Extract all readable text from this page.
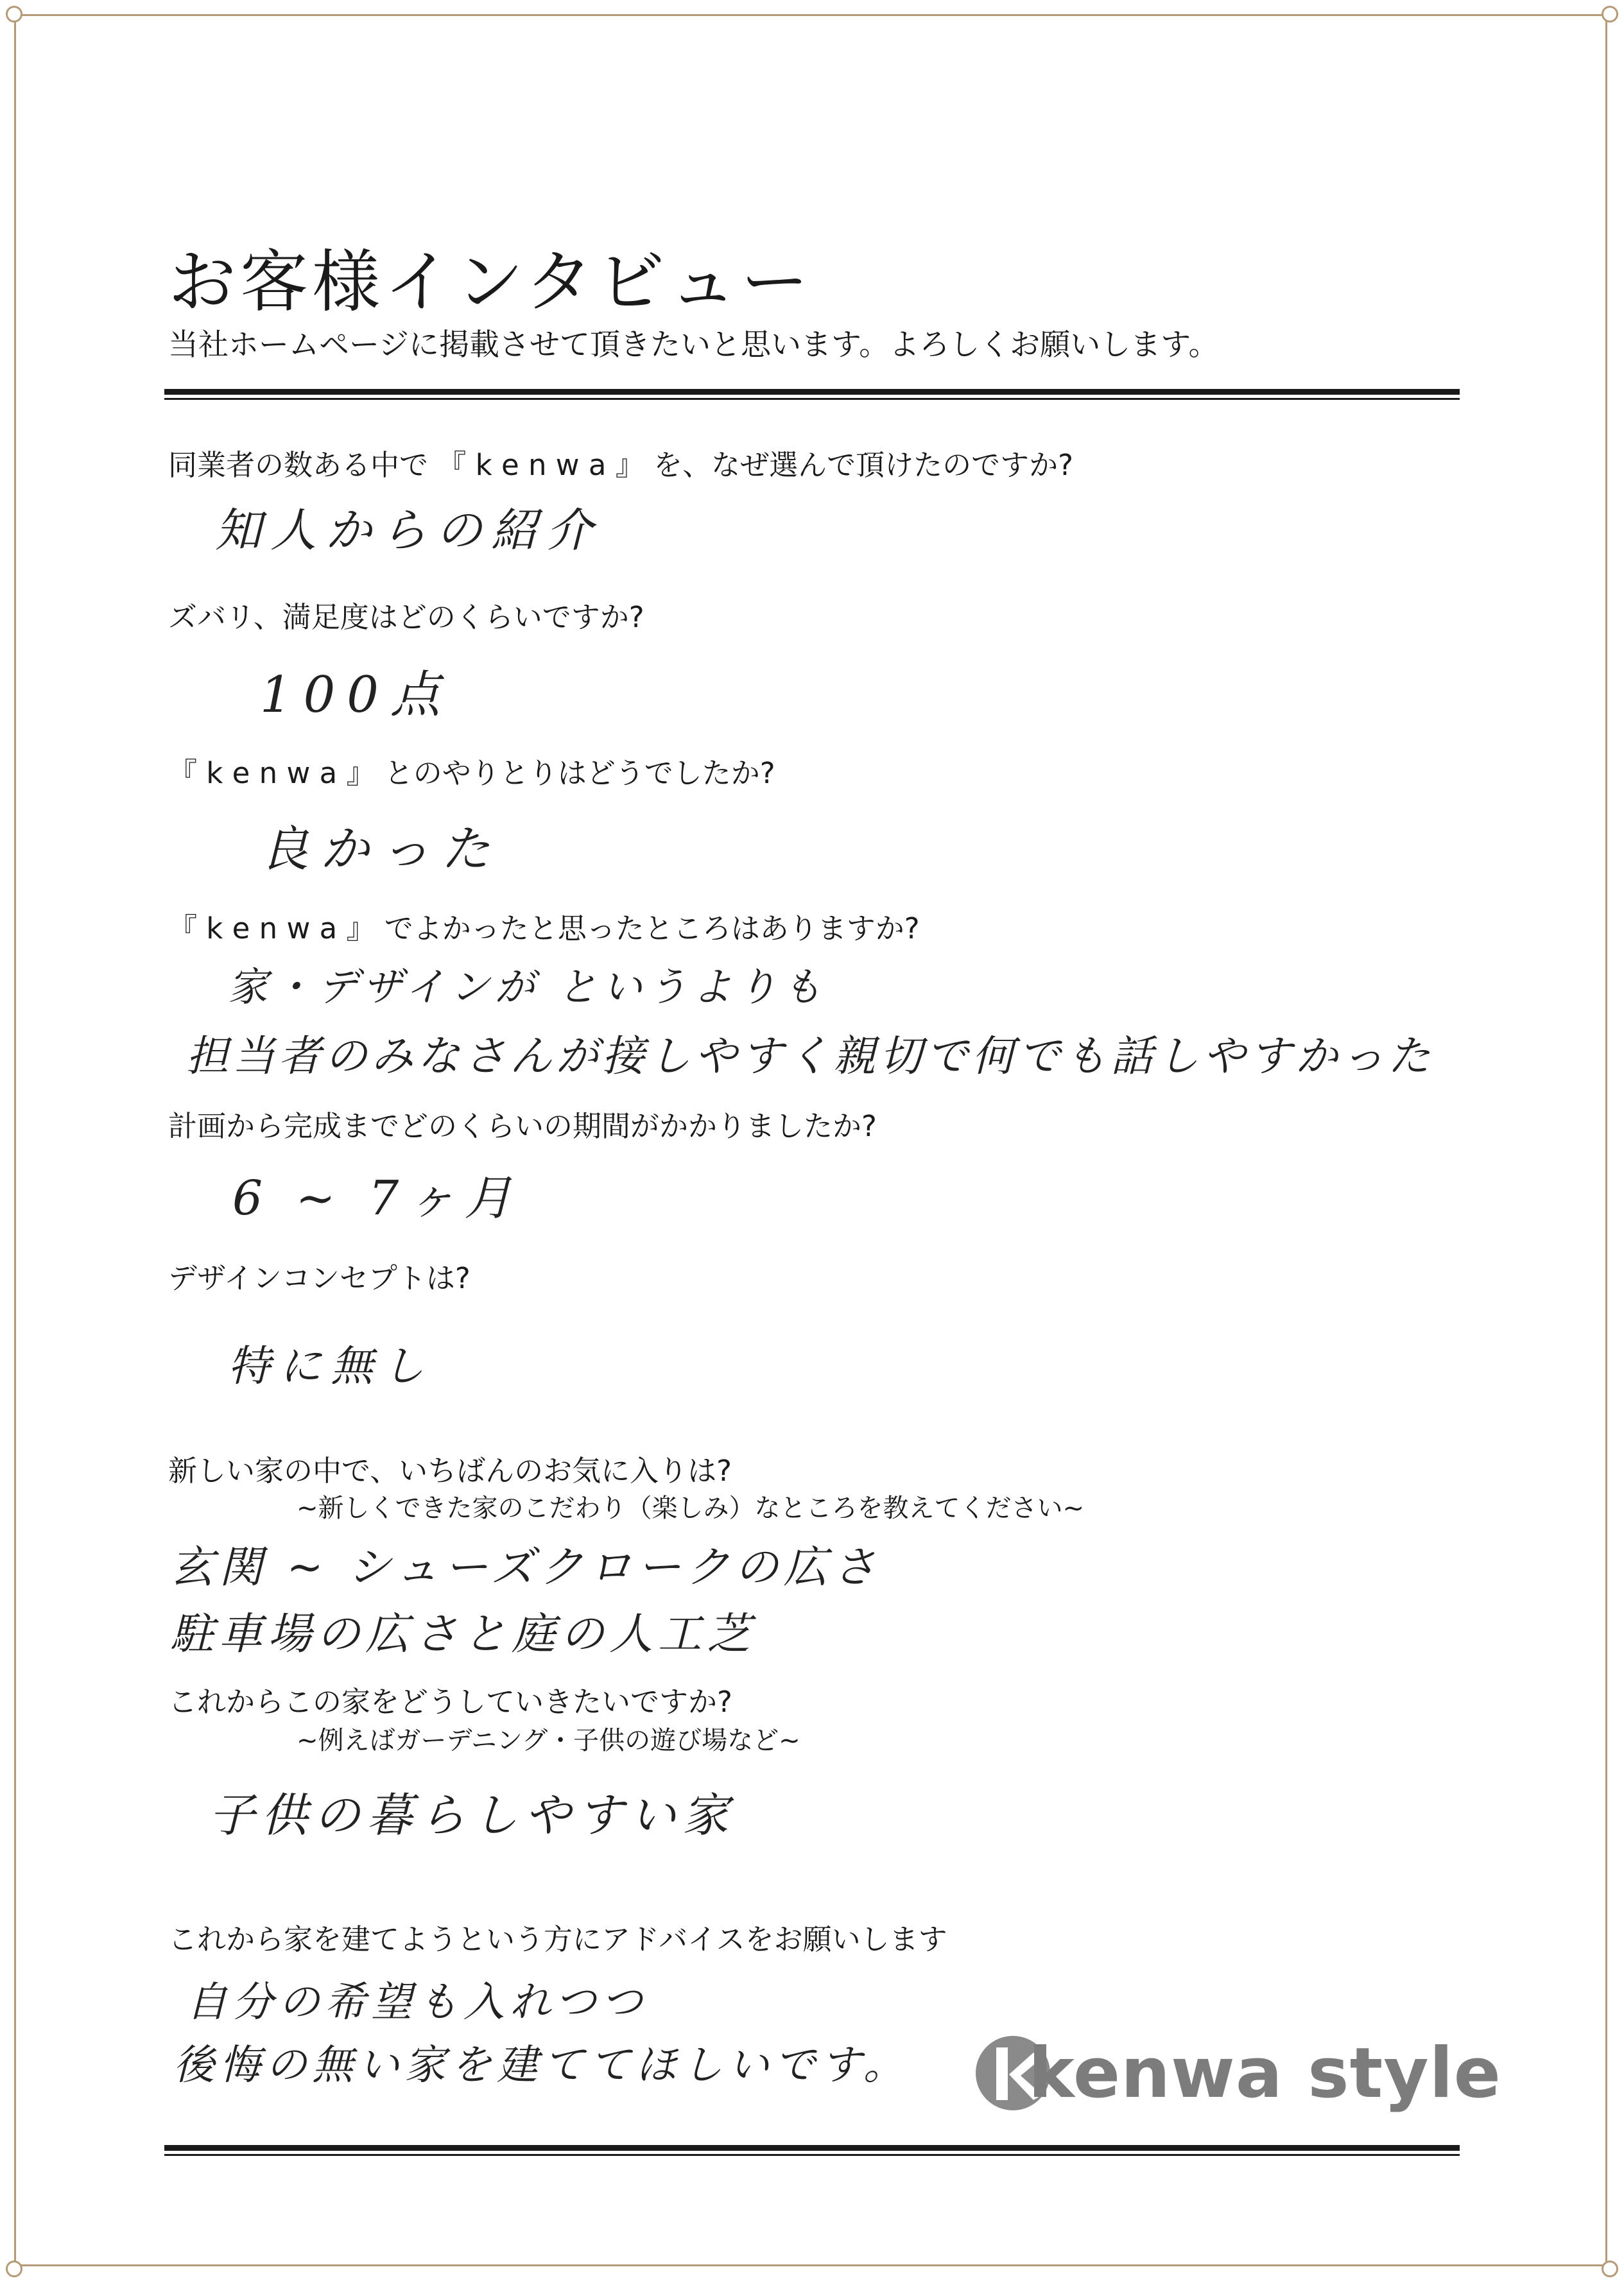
お客様インタビュー
当社ホームページに掲載させて頂きたいと思います。よろしくお願いします。
同業者の数ある中で 『 k e n w a 』 を、なぜ選んで頂けたのですか?
知人からの紹介
ズバリ、満足度はどのくらいですか?
100点
『 k e n w a 』 とのやりとりはどうでしたか?
良かった
『 k e n w a 』 でよかったと思ったところはありますか?
家・デザインが というよりも
担当者のみなさんが接しやすく親切で何でも話しやすかった
計画から完成までどのくらいの期間がかかりましたか?
6 ~ 7ヶ月
デザインコンセプトは?
特に無し
新しい家の中で、いちばんのお気に入りは?
~新しくできた家のこだわり（楽しみ）なところを教えてください~
玄関 ~ シューズクロークの広さ
駐車場の広さと庭の人工芝
これからこの家をどうしていきたいですか?
~例えばガーデニング・子供の遊び場など~
子供の暮らしやすい家
これから家を建てようという方にアドバイスをお願いします
自分の希望も入れつつ
後悔の無い家を建ててほしいです。 kenwa style
